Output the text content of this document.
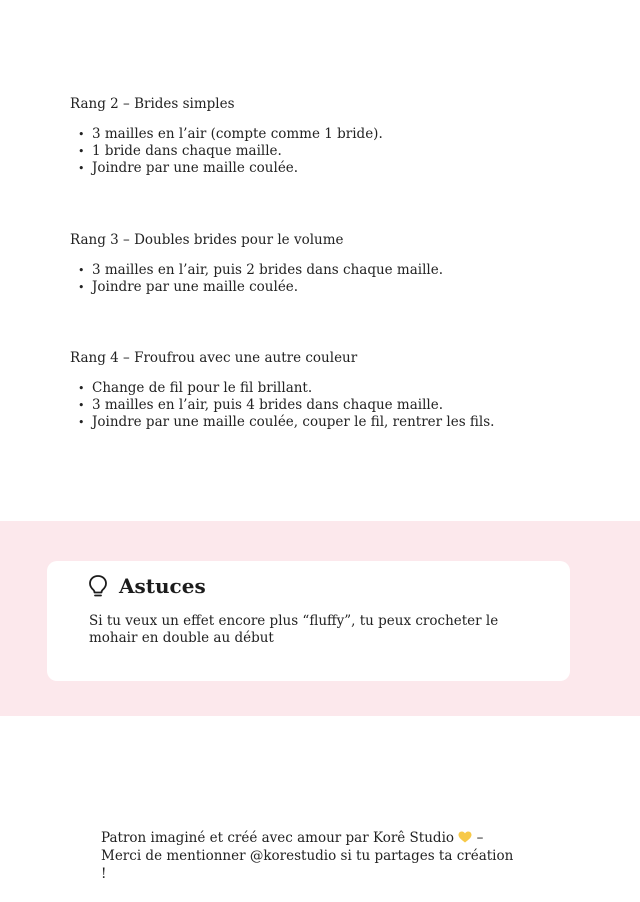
Rang 2 – Brides simples

• 3 mailles en l’air (compte comme 1 bride).
• 1 bride dans chaque maille.
• Joindre par une maille coulée.

Rang 3 – Doubles brides pour le volume

• 3 mailles en l’air, puis 2 brides dans chaque maille.
• Joindre par une maille coulée.

Rang 4 – Froufrou avec une autre couleur

• Change de fil pour le fil brillant.
• 3 mailles en l’air, puis 4 brides dans chaque maille.
• Joindre par une maille coulée, couper le fil, rentrer les fils.
Astuces

Si tu veux un effet encore plus “fluffy”, tu peux crocheter le mohair en double au début

Patron imaginé et créé avec amour par Korê Studio  – Merci de mentionner @korestudio si tu partages ta création !
